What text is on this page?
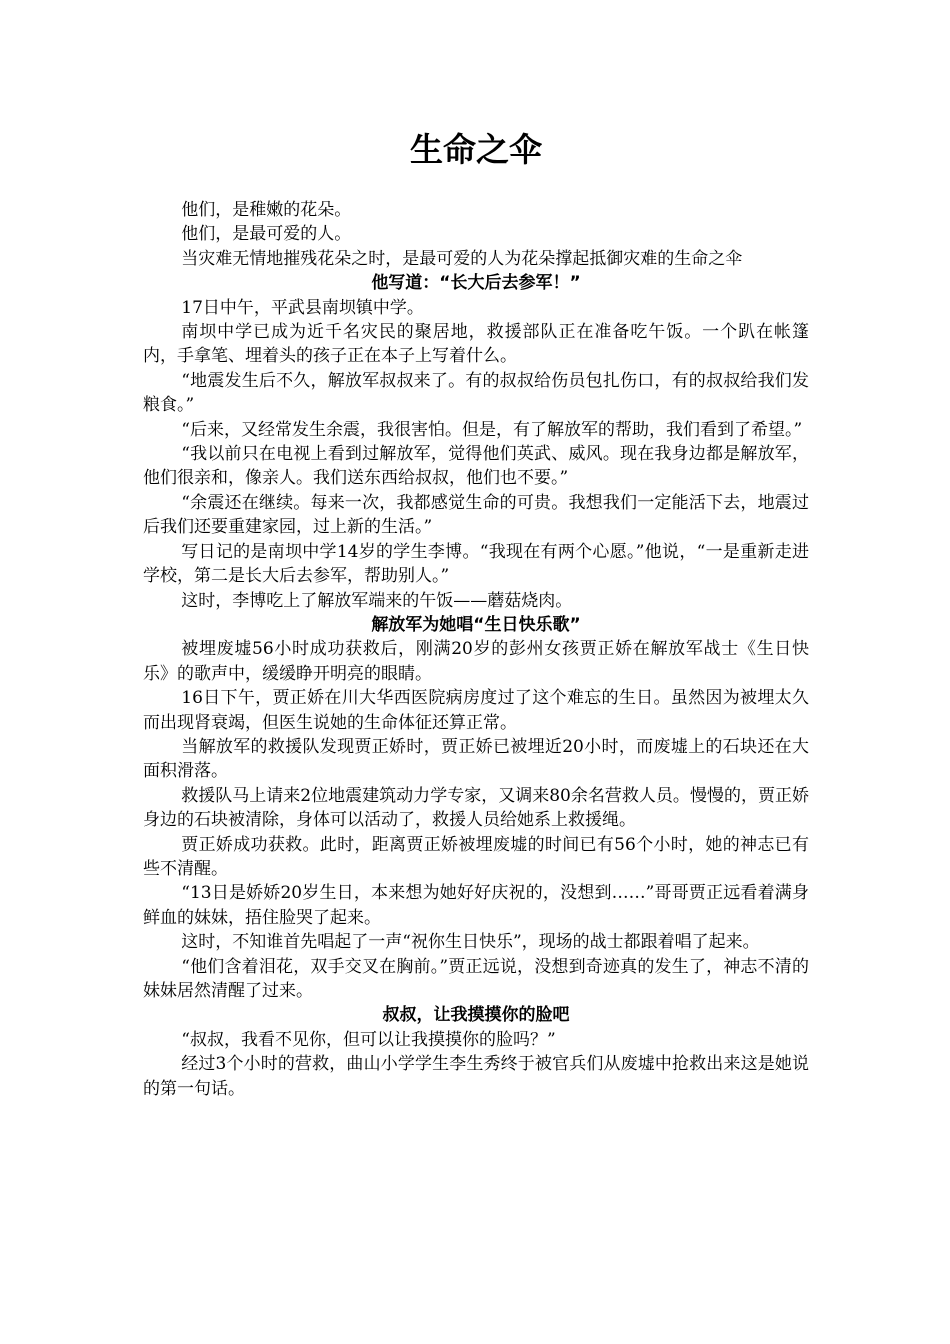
生命之伞
他们，是稚嫩的花朵。
他们，是最可爱的人。
当灾难无情地摧残花朵之时，是最可爱的人为花朵撑起抵御灾难的生命之伞
他写道：“长大后去参军！”
17日中午，平武县南坝镇中学。
南坝中学已成为近千名灾民的聚居地，救援部队正在准备吃午饭。一个趴在帐篷内，手拿笔、埋着头的孩子正在本子上写着什么。
“地震发生后不久，解放军叔叔来了。有的叔叔给伤员包扎伤口，有的叔叔给我们发粮食。”
“后来，又经常发生余震，我很害怕。但是，有了解放军的帮助，我们看到了希望。”
“我以前只在电视上看到过解放军，觉得他们英武、威风。现在我身边都是解放军，他们很亲和，像亲人。我们送东西给叔叔，他们也不要。”
“余震还在继续。每来一次，我都感觉生命的可贵。我想我们一定能活下去，地震过后我们还要重建家园，过上新的生活。”
写日记的是南坝中学14岁的学生李博。“我现在有两个心愿。”他说，“一是重新走进学校，第二是长大后去参军，帮助别人。”
这时，李博吃上了解放军端来的午饭——蘑菇烧肉。
解放军为她唱“生日快乐歌”
被埋废墟56小时成功获救后，刚满20岁的彭州女孩贾正娇在解放军战士《生日快乐》的歌声中，缓缓睁开明亮的眼睛。
16日下午，贾正娇在川大华西医院病房度过了这个难忘的生日。虽然因为被埋太久而出现肾衰竭，但医生说她的生命体征还算正常。
当解放军的救援队发现贾正娇时，贾正娇已被埋近20小时，而废墟上的石块还在大面积滑落。
救援队马上请来2位地震建筑动力学专家，又调来80余名营救人员。慢慢的，贾正娇身边的石块被清除，身体可以活动了，救援人员给她系上救援绳。
贾正娇成功获救。此时，距离贾正娇被埋废墟的时间已有56个小时，她的神志已有些不清醒。
“13日是娇娇20岁生日，本来想为她好好庆祝的，没想到……”哥哥贾正远看着满身鲜血的妹妹，捂住脸哭了起来。
这时，不知谁首先唱起了一声“祝你生日快乐”，现场的战士都跟着唱了起来。
“他们含着泪花，双手交叉在胸前。”贾正远说，没想到奇迹真的发生了，神志不清的妹妹居然清醒了过来。
叔叔，让我摸摸你的脸吧
“叔叔，我看不见你，但可以让我摸摸你的脸吗？”
经过3个小时的营救，曲山小学学生李生秀终于被官兵们从废墟中抢救出来这是她说的第一句话。
